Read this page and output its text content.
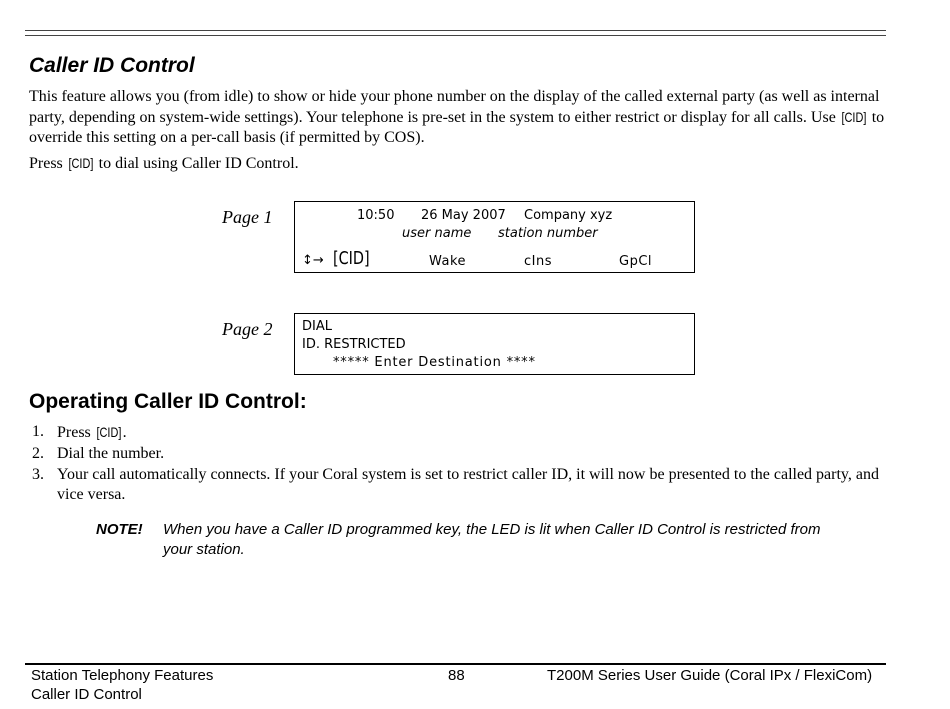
Caller ID Control

This feature allows you (from idle) to show or hide your phone number on the display of the called external party (as well as internal party, depending on system-wide settings). Your telephone is pre-set in the system to either restrict or display for all calls. Use [CID] to override this setting on a per-call basis (if permitted by COS).

Press [CID] to dial using Caller ID Control.

Page 1	10:50 26 May 2007 Company xyz
user name station number
↕→ [CID]	Wake	cIns	GpCl

Page 2 DIAL
ID. RESTRICTED
***** Enter Destination ****
Operating Caller ID Control:
1. Press [CID].
2. Dial the number.
3. Your call automatically connects. If your Coral system is set to restrict caller ID, it will now be presented to the called party, and vice versa.
NOTE! When you have a Caller ID programmed key, the LED is lit when Caller ID Control is restricted from your station.
Station Telephony Features
Caller ID Control
88	T200M Series User Guide (Coral IPx / FlexiCom)
